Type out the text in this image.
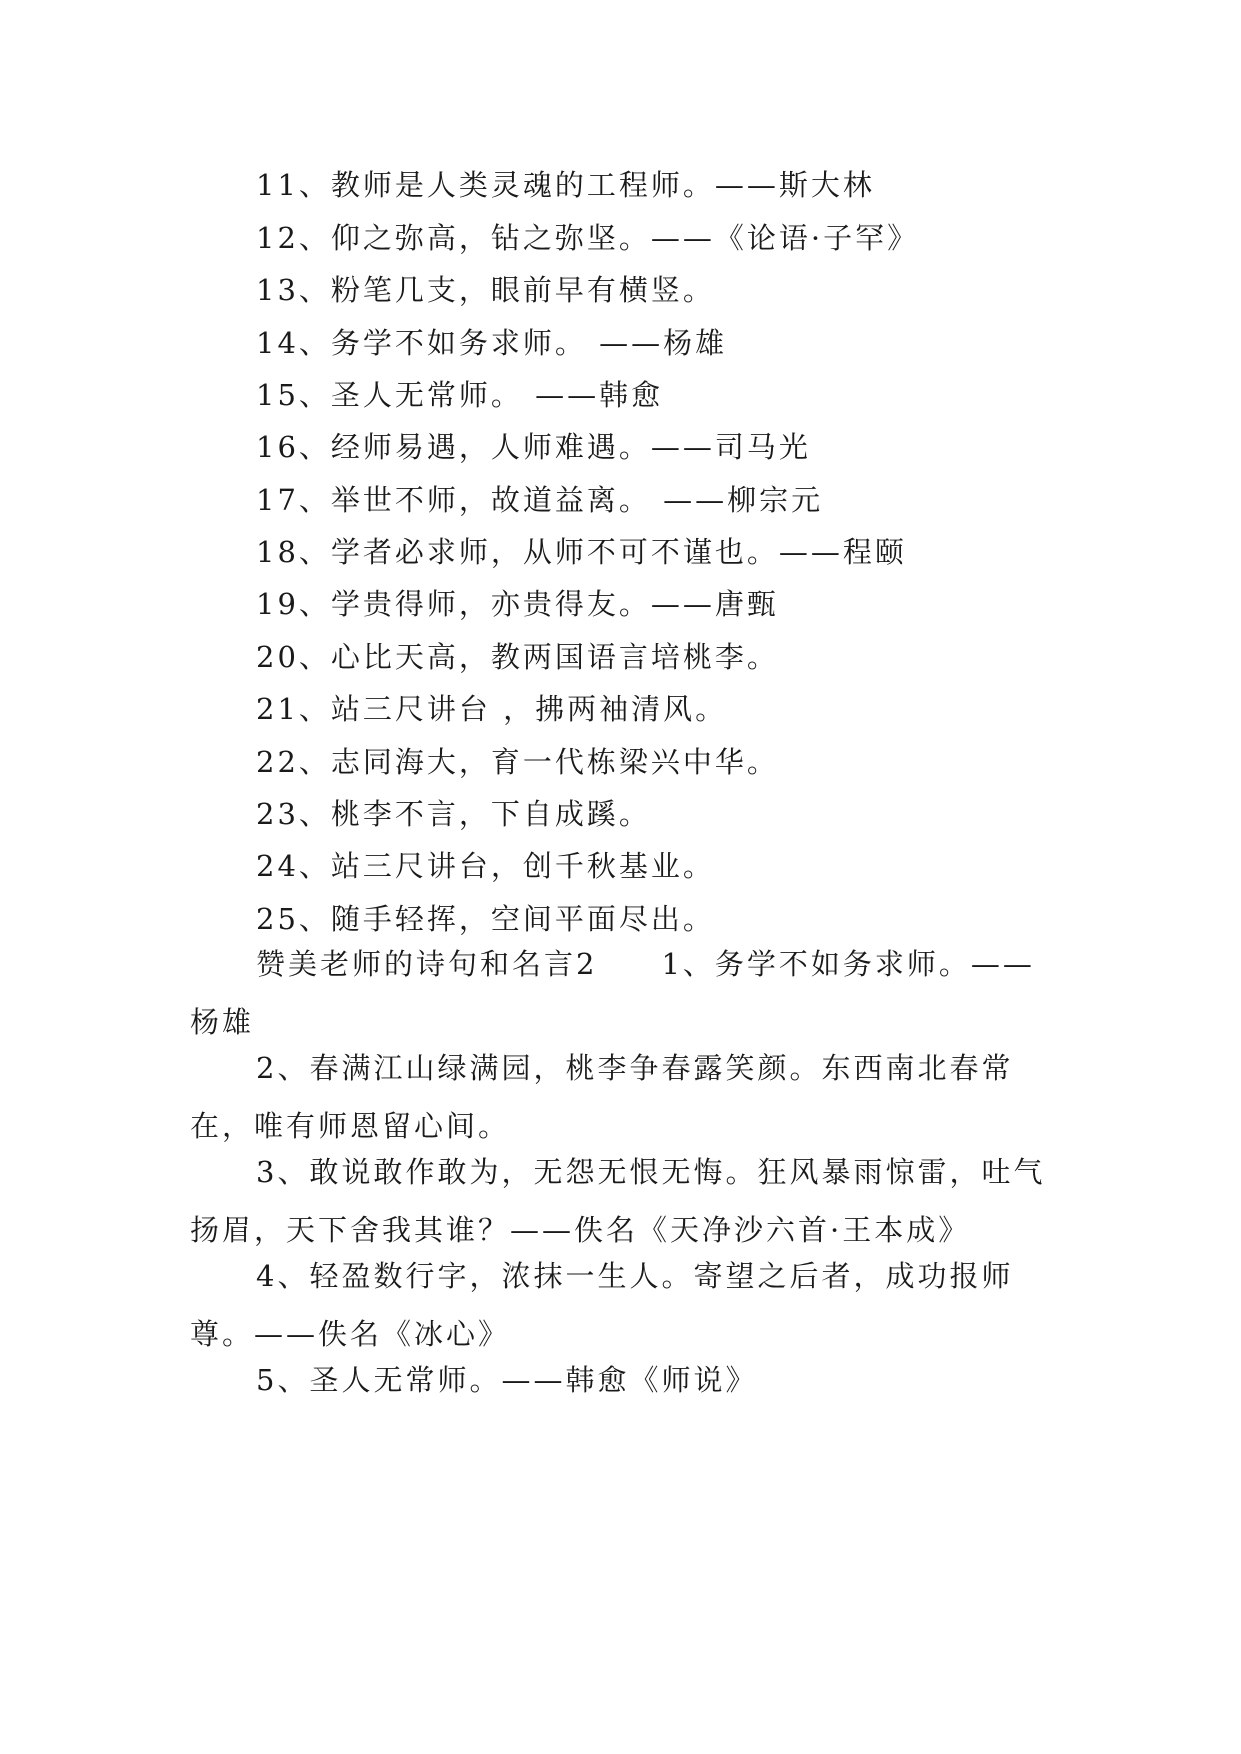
11、教师是人类灵魂的工程师。——斯大林
12、仰之弥高，钻之弥坚。——《论语·子罕》
13、粉笔几支，眼前早有横竖。
14、务学不如务求师。 ——杨雄
15、圣人无常师。 ——韩愈
16、经师易遇，人师难遇。——司马光
17、举世不师，故道益离。 ——柳宗元
18、学者必求师，从师不可不谨也。——程颐
19、学贵得师，亦贵得友。——唐甄
20、心比天高，教两国语言培桃李。
21、站三尺讲台 ，拂两袖清风。
22、志同海大，育一代栋梁兴中华。
23、桃李不言，下自成蹊。
24、站三尺讲台，创千秋基业。
25、随手轻挥，空间平面尽出。
赞美老师的诗句和名言2　　1、务学不如务求师。——杨雄
2、春满江山绿满园，桃李争春露笑颜。东西南北春常在，唯有师恩留心间。
3、敢说敢作敢为，无怨无恨无悔。狂风暴雨惊雷，吐气扬眉，天下舍我其谁？——佚名《天净沙六首·王本成》
4、轻盈数行字，浓抹一生人。寄望之后者，成功报师尊。——佚名《冰心》
5、圣人无常师。——韩愈《师说》
